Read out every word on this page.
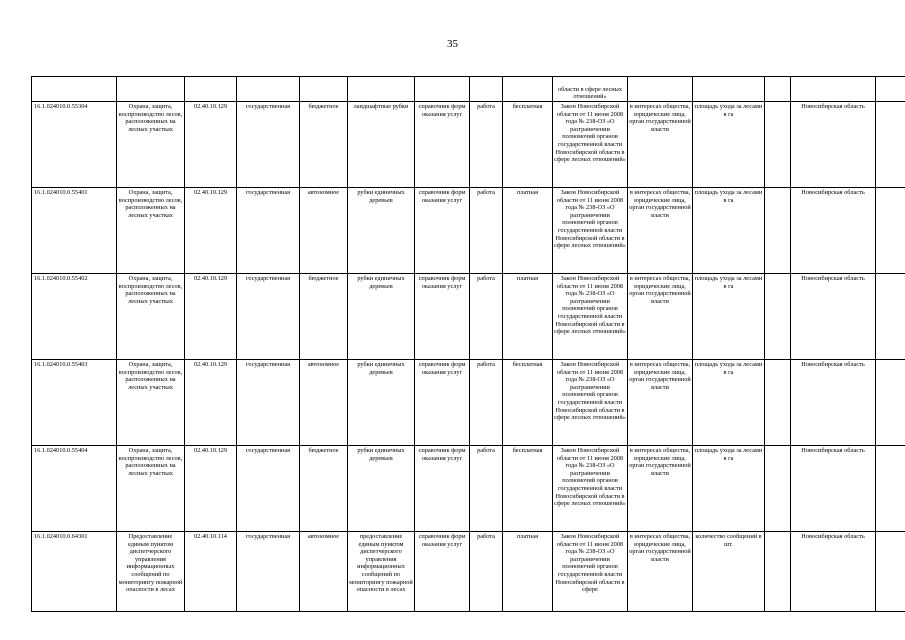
35
									области в сфере лесных отношений»					
16.1.024010.0.55304	Охрана, защита, воспроизводство лесов, расположенных на лесных участках	02.40.10.129	государственная	бюджетное	ландшафтные рубки	справочник форм оказания услуг	работа	бесплатная	Закон Новосибирской области от 11 июня 2008 года № 238-ОЗ «О разграничении полномочий органов государственной власти Новосибирской области в сфере лесных отношений»	в интересах общества, юридические лица, орган государственной власти	площадь ухода за лесами в га		Новосибирская область	
16.1.024010.0.55401	Охрана, защита, воспроизводство лесов, расположенных на лесных участках	02.40.10.129	государственная	автономное	рубки единичных деревьев	справочник форм оказания услуг	работа	платная	Закон Новосибирской области от 11 июня 2008 года № 238-ОЗ «О разграничении полномочий органов государственной власти Новосибирской области в сфере лесных отношений»	в интересах общества, юридические лица, орган государственной власти	площадь ухода за лесами в га		Новосибирская область	
16.1.024010.0.55402	Охрана, защита, воспроизводство лесов, расположенных на лесных участках	02.40.10.129	государственная	бюджетное	рубки единичных деревьев	справочник форм оказания услуг	работа	платная	Закон Новосибирской области от 11 июня 2008 года № 238-ОЗ «О разграничении полномочий органов государственной власти Новосибирской области в сфере лесных отношений»	в интересах общества, юридические лица, орган государственной власти	площадь ухода за лесами в га		Новосибирская область	
16.1.024010.0.55403	Охрана, защита, воспроизводство лесов, расположенных на лесных участках	02.40.10.129	государственная	автономное	рубки единичных деревьев	справочник форм оказания услуг	работа	бесплатная	Закон Новосибирской области от 11 июня 2008 года № 238-ОЗ «О разграничении полномочий органов государственной власти Новосибирской области в сфере лесных отношений»	в интересах общества, юридические лица, орган государственной власти	площадь ухода за лесами в га		Новосибирская область	
16.1.024010.0.55404	Охрана, защита, воспроизводство лесов, расположенных на лесных участках	02.40.10.129	государственная	бюджетное	рубки единичных деревьев	справочник форм оказания услуг	работа	бесплатная	Закон Новосибирской области от 11 июня 2008 года № 238-ОЗ «О разграничении полномочий органов государственной власти Новосибирской области в сфере лесных отношений»	в интересах общества, юридические лица, орган государственной власти	площадь ухода за лесами в га		Новосибирская область	
16.1.024010.0.64301	Предоставление единым пунктом диспетчерского управления информационных сообщений по мониторингу пожарной опасности в лесах	02.40.10.114	государственная	автономное	предоставление единым пунктом диспетчерского управления информационных сообщений по мониторингу пожарной опасности в лесах	справочник форм оказания услуг	работа	платная	Закон Новосибирской области от 11 июня 2008 года № 238-ОЗ «О разграничении полномочий органов государственной власти Новосибирской области в сфере	в интересах общества, юридические лица, орган государственной власти	количество сообщений в шт.		Новосибирская область	
